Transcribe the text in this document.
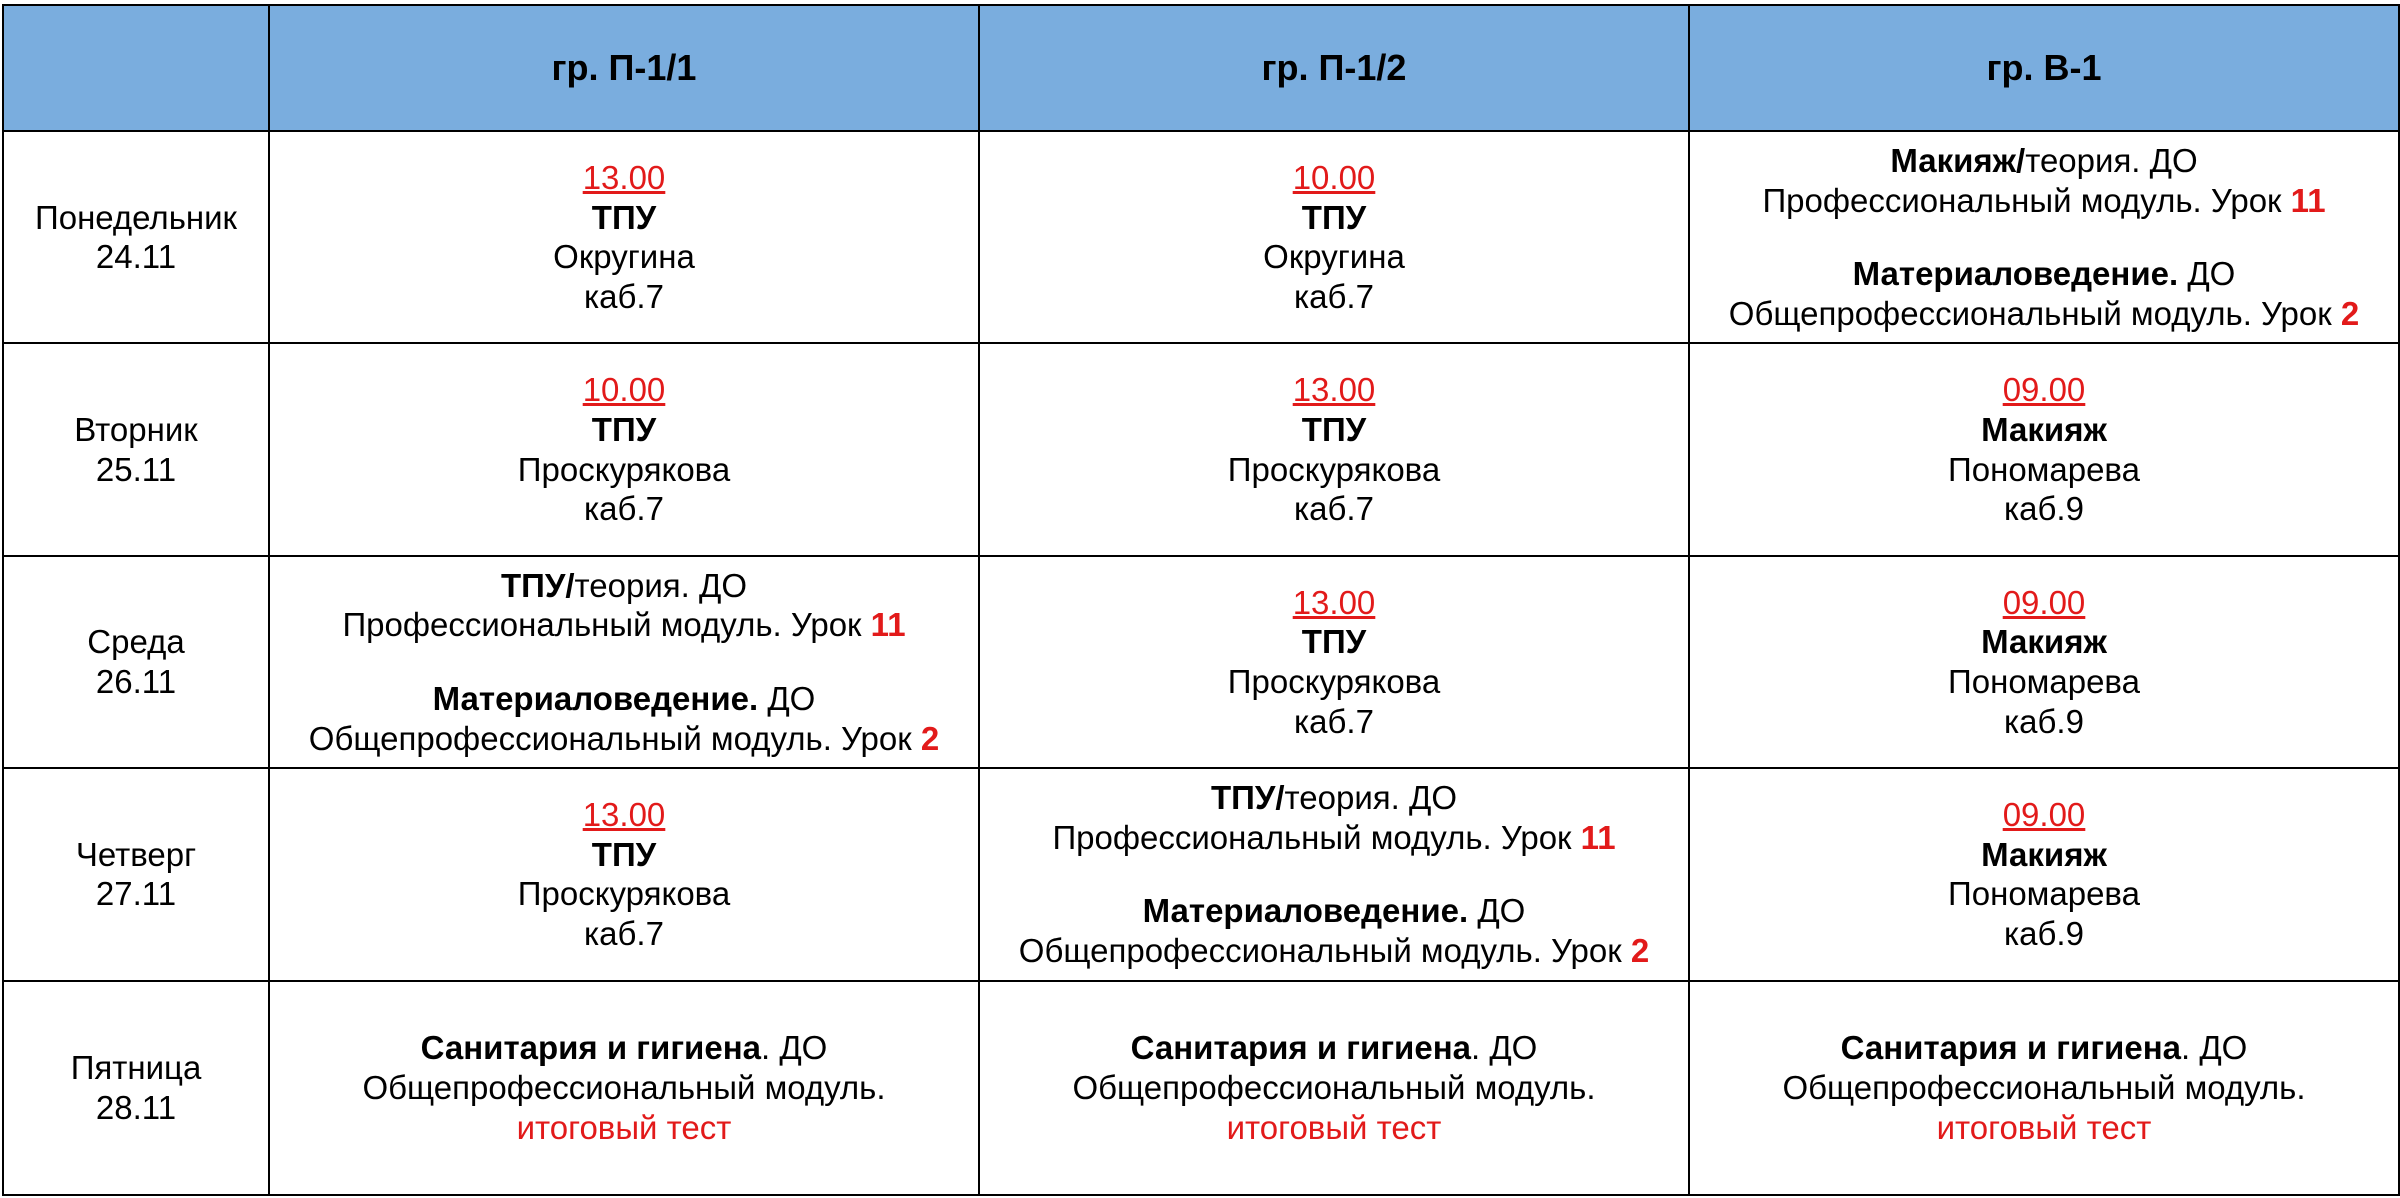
	гр. П-1/1	гр. П-1/2	гр. В-1

Понедельник
24.11	13.00
ТПУ
Округина
каб.7	10.00
ТПУ
Округина
каб.7	Макияж/теория. ДО
Профессиональный модуль. Урок 11
Материаловедение. ДО
Общепрофессиональный модуль. Урок 2

Вторник
25.11	10.00
ТПУ
Проскурякова
каб.7	13.00
ТПУ
Проскурякова
каб.7	09.00
Макияж
Пономарева
каб.9

Среда
26.11	ТПУ/теория. ДО
Профессиональный модуль. Урок 11
Материаловедение. ДО
Общепрофессиональный модуль. Урок 2	13.00
ТПУ
Проскурякова
каб.7	09.00
Макияж
Пономарева
каб.9

Четверг
27.11	13.00
ТПУ
Проскурякова
каб.7	ТПУ/теория. ДО
Профессиональный модуль. Урок 11
Материаловедение. ДО
Общепрофессиональный модуль. Урок 2	09.00
Макияж
Пономарева
каб.9

Пятница
28.11	Санитария и гигиена. ДО
Общепрофессиональный модуль.
итоговый тест	Санитария и гигиена. ДО
Общепрофессиональный модуль.
итоговый тест	Санитария и гигиена. ДО
Общепрофессиональный модуль.
итоговый тест
